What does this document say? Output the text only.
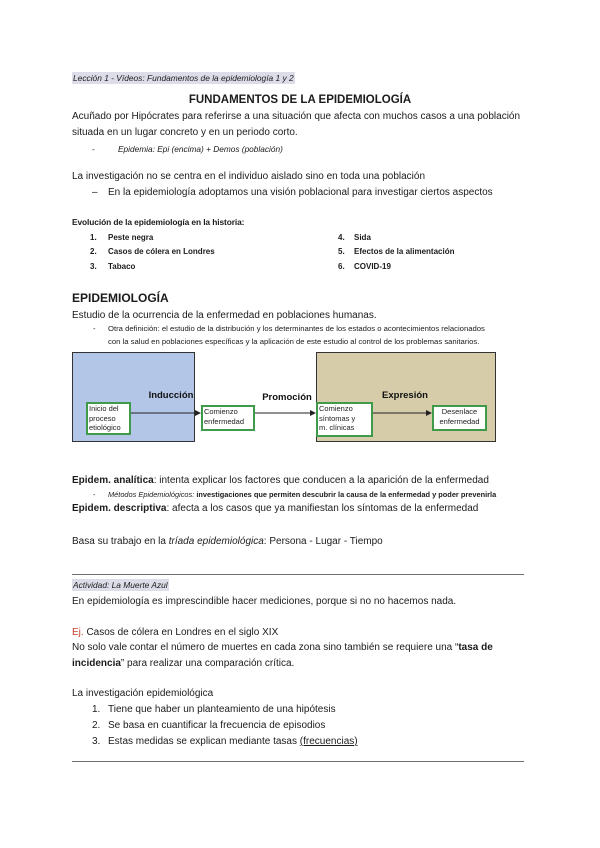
Lección 1 - Vídeos: Fundamentos de la epidemiología 1 y 2
FUNDAMENTOS DE LA EPIDEMIOLOGÍA
Acuñado por Hipócrates para referirse a una situación que afecta con muchos casos a una población
situada en un lugar concreto y en un periodo corto.
-	Epidemia: Epi (encima) + Demos (población)
La investigación no se centra en el individuo aislado sino en toda una población
– En la epidemiología adoptamos una visión poblacional para investigar ciertos aspectos
Evolución de la epidemiología en la historia:
1. Peste negra
2. Casos de cólera en Londres
3. Tabaco
4. Sida
5. Efectos de la alimentación
6. COVID-19
EPIDEMIOLOGÍA
Estudio de la ocurrencia de la enfermedad en poblaciones humanas.
- Otra definición: el estudio de la distribución y los determinantes de los estados o acontecimientos relacionados
con la salud en poblaciones específicas y la aplicación de este estudio al control de los problemas sanitarios.
Inducción	Promoción	Expresión
Inicio del
proceso
etiológico
Comienzo
enfermedad
Comienzo
síntomas y
m. clínicas
Desenlace
enfermedad
Epidem. analítica: intenta explicar los factores que conducen a la aparición de la enfermedad
- Métodos Epidemiológicos: investigaciones que permiten descubrir la causa de la enfermedad y poder prevenirla
Epidem. descriptiva: afecta a los casos que ya manifiestan los síntomas de la enfermedad
Basa su trabajo en la tríada epidemiológica: Persona - Lugar - Tiempo
Actividad: La Muerte Azul
En epidemiología es imprescindible hacer mediciones, porque si no no hacemos nada.
Ej. Casos de cólera en Londres en el siglo XIX
No solo vale contar el número de muertes en cada zona sino también se requiere una “tasa de
incidencia” para realizar una comparación crítica.
La investigación epidemiológica
1. Tiene que haber un planteamiento de una hipótesis
2. Se basa en cuantificar la frecuencia de episodios
3. Estas medidas se explican mediante tasas (frecuencias)
